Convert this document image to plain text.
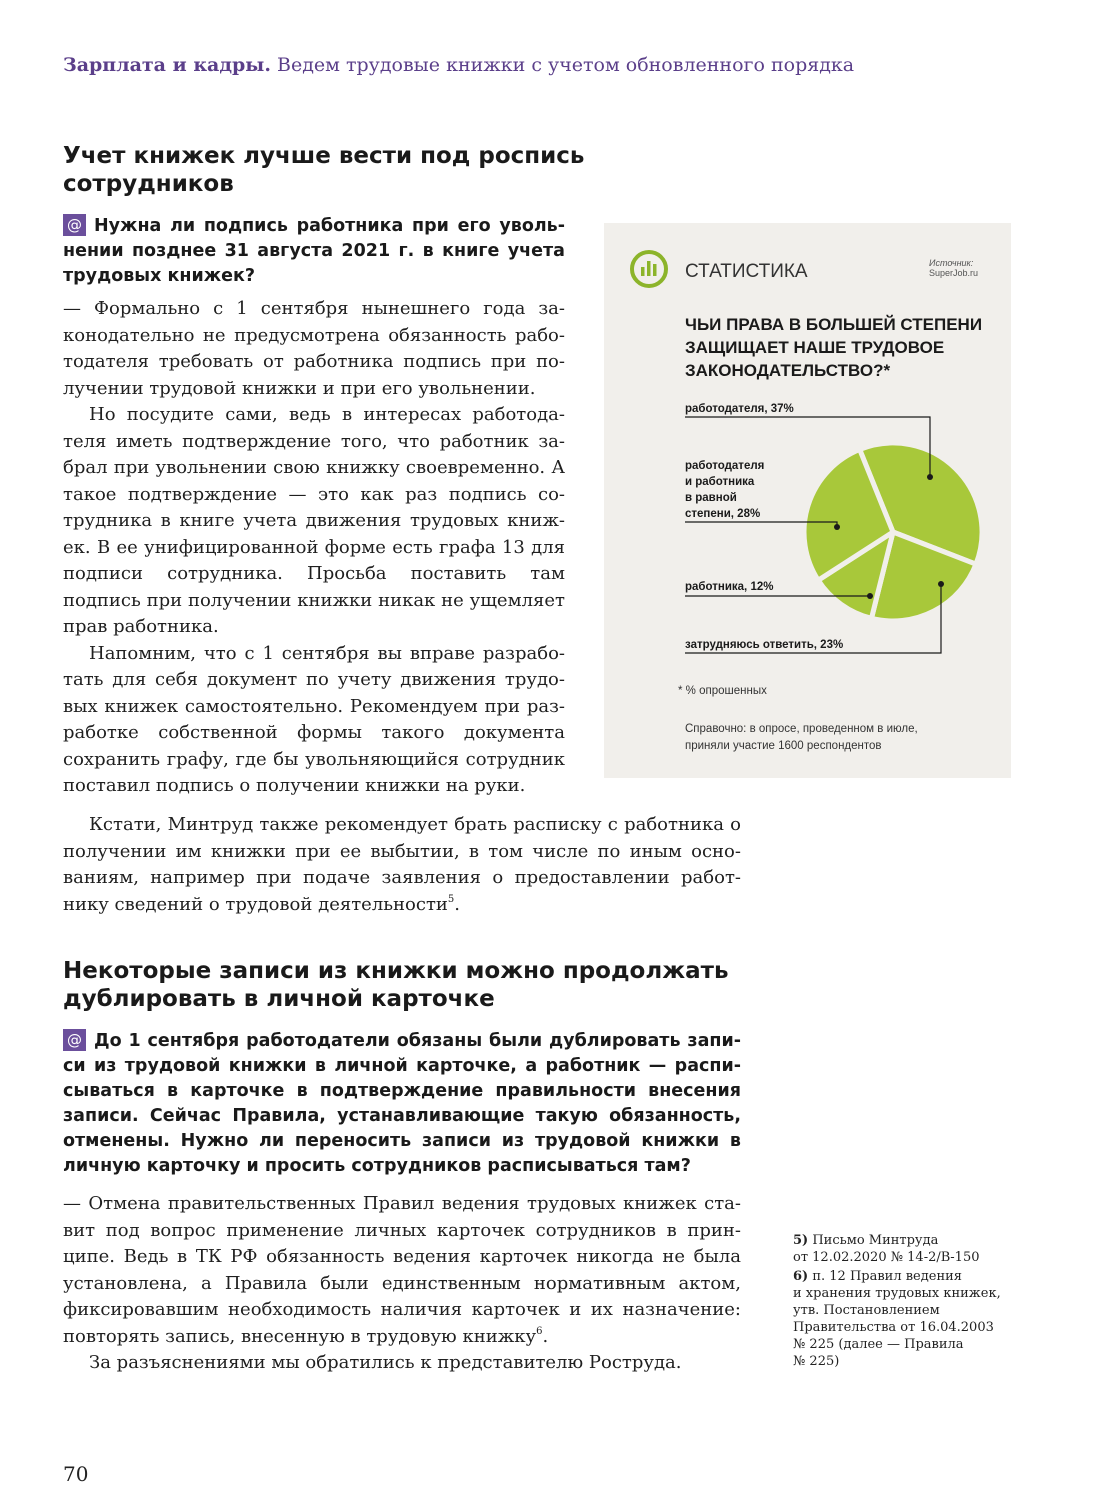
Зарплата и кадры. Ведем трудовые книжки с учетом обновленного порядка
Учет книжек лучше вести под роспись
сотрудников
@ Нужна ли подпись работника при его увольнении позднее 31 августа 2021 г. в книге учета трудовых книжек?

— Формально с 1 сентября нынешнего года законодательно не предусмотрена обязанность работодателя требовать от работника подпись при получении трудовой книжки и при его увольнении.

Но посудите сами, ведь в интересах работодателя иметь подтверждение того, что работник забрал при увольнении свою книжку своевременно. А такое подтверждение — это как раз подпись сотрудника в книге учета движения трудовых книжек. В ее унифицированной форме есть графа 13 для подписи сотрудника. Просьба поставить там подпись при получении книжки никак не ущемляет прав работника.

Напомним, что с 1 сентября вы вправе разработать для себя документ по учету движения трудовых книжек самостоятельно. Рекомендуем при разработке собственной формы такого документа сохранить графу, где бы увольняющийся сотрудник поставил подпись о получении книжки на руки.

Кстати, Минтруд также рекомендует брать расписку с работника о получении им книжки при ее выбытии, в том числе по иным основаниям, например при подаче заявления о предоставлении работнику сведений о трудовой деятельности$^5$.

СТАТИСТИКА	Источник:
SuperJob.ru
ЧЬИ ПРАВА В БОЛЬШЕЙ СТЕПЕНИ
ЗАЩИЩАЕТ НАШЕ ТРУДОВОЕ
ЗАКОНОДАТЕЛЬСТВО?*
работодателя, 37%
работодателя
и работника
в равной
степени, 28%
работника, 12%
затрудняюсь ответить, 23%
* % опрошенных
Справочно: в опросе, проведенном в июле,
приняли участие 1600 респондентов
Некоторые записи из книжки можно продолжать
дублировать в личной карточке
@ До 1 сентября работодатели обязаны были дублировать записи из трудовой книжки в личной карточке, а работник — расписываться в карточке в подтверждение правильности внесения записи. Сейчас Правила, устанавливающие такую обязанность, отменены. Нужно ли переносить записи из трудовой книжки в личную карточку и просить сотрудников расписываться там?

— Отмена правительственных Правил ведения трудовых книжек ставит под вопрос применение личных карточек сотрудников в принципе. Ведь в ТК РФ обязанность ведения карточек никогда не была установлена, а Правила были единственным нормативным актом, фиксировавшим необходимость наличия карточек и их назначение: повторять запись, внесенную в трудовую книжку$^6$.

За разъяснениями мы обратились к представителю Роструда.

5) Письмо Минтруда
от 12.02.2020 № 14-2/В-150
6) п. 12 Правил ведения
и хранения трудовых книжек,
утв. Постановлением
Правительства от 16.04.2003
№ 225 (далее — Правила
№ 225)
70
